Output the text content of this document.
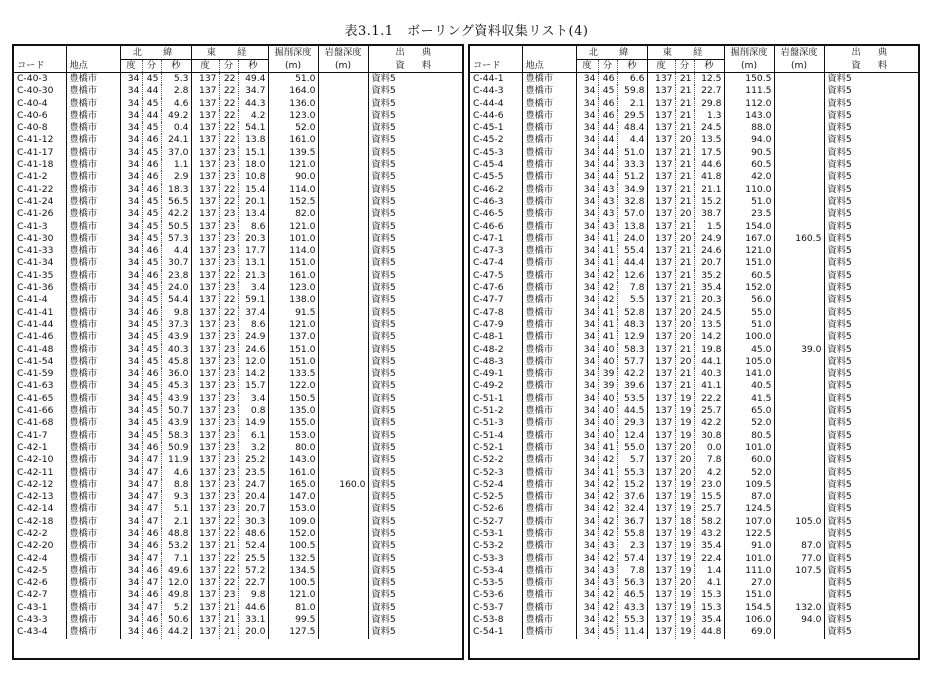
表3.1.1　ボーリング資料収集リスト(4)
		北　緯			東　経			掘削深度	岩盤深度	出　典
コード	地点	度	分	秒	度	分	秒	(m)	(m)	資　料
C-40-3	豊橋市	34	45	5.3	137	22	49.4	51.0		資料5
C-40-30	豊橋市	34	44	2.8	137	22	34.7	164.0		資料5
C-40-4	豊橋市	34	45	4.6	137	22	44.3	136.0		資料5
C-40-6	豊橋市	34	44	49.2	137	22	4.2	123.0		資料5
C-40-8	豊橋市	34	45	0.4	137	22	54.1	52.0		資料5
C-41-12	豊橋市	34	46	24.1	137	22	13.8	161.0		資料5
C-41-17	豊橋市	34	45	37.0	137	23	15.1	139.5		資料5
C-41-18	豊橋市	34	46	1.1	137	23	18.0	121.0		資料5
C-41-2	豊橋市	34	46	2.9	137	23	10.8	90.0		資料5
C-41-22	豊橋市	34	46	18.3	137	22	15.4	114.0		資料5
C-41-24	豊橋市	34	45	56.5	137	22	20.1	152.5		資料5
C-41-26	豊橋市	34	45	42.2	137	23	13.4	82.0		資料5
C-41-3	豊橋市	34	45	50.5	137	23	8.6	121.0		資料5
C-41-30	豊橋市	34	45	57.3	137	23	20.3	101.0		資料5
C-41-33	豊橋市	34	46	4.4	137	23	17.7	114.0		資料5
C-41-34	豊橋市	34	45	30.7	137	23	13.1	151.0		資料5
C-41-35	豊橋市	34	46	23.8	137	22	21.3	161.0		資料5
C-41-36	豊橋市	34	45	24.0	137	23	3.4	123.0		資料5
C-41-4	豊橋市	34	45	54.4	137	22	59.1	138.0		資料5
C-41-41	豊橋市	34	46	9.8	137	22	37.4	91.5		資料5
C-41-44	豊橋市	34	45	37.3	137	23	8.6	121.0		資料5
C-41-46	豊橋市	34	45	43.9	137	23	24.9	137.0		資料5
C-41-48	豊橋市	34	45	40.3	137	23	24.6	151.0		資料5
C-41-54	豊橋市	34	45	45.8	137	23	12.0	151.0		資料5
C-41-59	豊橋市	34	46	36.0	137	23	14.2	133.5		資料5
C-41-63	豊橋市	34	45	45.3	137	23	15.7	122.0		資料5
C-41-65	豊橋市	34	45	43.9	137	23	3.4	150.5		資料5
C-41-66	豊橋市	34	45	50.7	137	23	0.8	135.0		資料5
C-41-68	豊橋市	34	45	43.9	137	23	14.9	155.0		資料5
C-41-7	豊橋市	34	45	58.3	137	23	6.1	153.0		資料5
C-42-1	豊橋市	34	46	50.9	137	23	3.2	80.0		資料5
C-42-10	豊橋市	34	47	11.9	137	23	25.2	143.0		資料5
C-42-11	豊橋市	34	47	4.6	137	23	23.5	161.0		資料5
C-42-12	豊橋市	34	47	8.8	137	23	24.7	165.0	160.0	資料5
C-42-13	豊橋市	34	47	9.3	137	23	20.4	147.0		資料5
C-42-14	豊橋市	34	47	5.1	137	23	20.7	153.0		資料5
C-42-18	豊橋市	34	47	2.1	137	22	30.3	109.0		資料5
C-42-2	豊橋市	34	46	48.8	137	22	48.6	152.0		資料5
C-42-20	豊橋市	34	46	53.2	137	21	52.4	100.5		資料5
C-42-4	豊橋市	34	47	7.1	137	22	25.5	132.5		資料5
C-42-5	豊橋市	34	46	49.6	137	22	57.2	134.5		資料5
C-42-6	豊橋市	34	47	12.0	137	22	22.7	100.5		資料5
C-42-7	豊橋市	34	46	49.8	137	23	9.8	121.0		資料5
C-43-1	豊橋市	34	47	5.2	137	21	44.6	81.0		資料5
C-43-3	豊橋市	34	46	50.6	137	21	33.1	99.5		資料5
C-43-4	豊橋市	34	46	44.2	137	21	20.0	127.5		資料5
		北　緯			東　経			掘削深度	岩盤深度	出　典
コード	地点	度	分	秒	度	分	秒	(m)	(m)	資　料
C-44-1	豊橋市	34	46	6.6	137	21	12.5	150.5		資料5
C-44-3	豊橋市	34	45	59.8	137	21	22.7	111.5		資料5
C-44-4	豊橋市	34	46	2.1	137	21	29.8	112.0		資料5
C-44-6	豊橋市	34	46	29.5	137	21	1.3	143.0		資料5
C-45-1	豊橋市	34	44	48.4	137	21	24.5	88.0		資料5
C-45-2	豊橋市	34	44	4.4	137	20	13.5	94.0		資料5
C-45-3	豊橋市	34	44	51.0	137	21	17.5	90.5		資料5
C-45-4	豊橋市	34	44	33.3	137	21	44.6	60.5		資料5
C-45-5	豊橋市	34	44	51.2	137	21	41.8	42.0		資料5
C-46-2	豊橋市	34	43	34.9	137	21	21.1	110.0		資料5
C-46-3	豊橋市	34	43	32.8	137	21	15.2	51.0		資料5
C-46-5	豊橋市	34	43	57.0	137	20	38.7	23.5		資料5
C-46-6	豊橋市	34	43	13.8	137	21	1.5	154.0		資料5
C-47-1	豊橋市	34	41	24.0	137	20	24.9	167.0	160.5	資料5
C-47-3	豊橋市	34	41	55.4	137	21	24.6	121.0		資料5
C-47-4	豊橋市	34	41	44.4	137	21	20.7	151.0		資料5
C-47-5	豊橋市	34	42	12.6	137	21	35.2	60.5		資料5
C-47-6	豊橋市	34	42	7.8	137	21	35.4	152.0		資料5
C-47-7	豊橋市	34	42	5.5	137	21	20.3	56.0		資料5
C-47-8	豊橋市	34	41	52.8	137	20	24.5	55.0		資料5
C-47-9	豊橋市	34	41	48.3	137	20	13.5	51.0		資料5
C-48-1	豊橋市	34	41	12.9	137	20	14.2	100.0		資料5
C-48-2	豊橋市	34	40	58.3	137	21	19.8	45.0	39.0	資料5
C-48-3	豊橋市	34	40	57.7	137	20	44.1	105.0		資料5
C-49-1	豊橋市	34	39	42.2	137	21	40.3	141.0		資料5
C-49-2	豊橋市	34	39	39.6	137	21	41.1	40.5		資料5
C-51-1	豊橋市	34	40	53.5	137	19	22.2	41.5		資料5
C-51-2	豊橋市	34	40	44.5	137	19	25.7	65.0		資料5
C-51-3	豊橋市	34	40	29.3	137	19	42.2	52.0		資料5
C-51-4	豊橋市	34	40	12.4	137	19	30.8	80.5		資料5
C-52-1	豊橋市	34	41	55.0	137	20	0.0	101.0		資料5
C-52-2	豊橋市	34	42	5.7	137	20	7.8	60.0		資料5
C-52-3	豊橋市	34	41	55.3	137	20	4.2	52.0		資料5
C-52-4	豊橋市	34	42	15.2	137	19	23.0	109.5		資料5
C-52-5	豊橋市	34	42	37.6	137	19	15.5	87.0		資料5
C-52-6	豊橋市	34	42	32.4	137	19	25.7	124.5		資料5
C-52-7	豊橋市	34	42	36.7	137	18	58.2	107.0	105.0	資料5
C-53-1	豊橋市	34	42	55.8	137	19	43.2	122.5		資料5
C-53-2	豊橋市	34	43	2.3	137	19	35.4	91.0	87.0	資料5
C-53-3	豊橋市	34	42	57.4	137	19	22.4	101.0	77.0	資料5
C-53-4	豊橋市	34	43	7.8	137	19	1.4	111.0	107.5	資料5
C-53-5	豊橋市	34	43	56.3	137	20	4.1	27.0		資料5
C-53-6	豊橋市	34	42	46.5	137	19	15.3	151.0		資料5
C-53-7	豊橋市	34	42	43.3	137	19	15.3	154.5	132.0	資料5
C-53-8	豊橋市	34	42	55.3	137	19	35.4	106.0	94.0	資料5
C-54-1	豊橋市	34	45	11.4	137	19	44.8	69.0		資料5
